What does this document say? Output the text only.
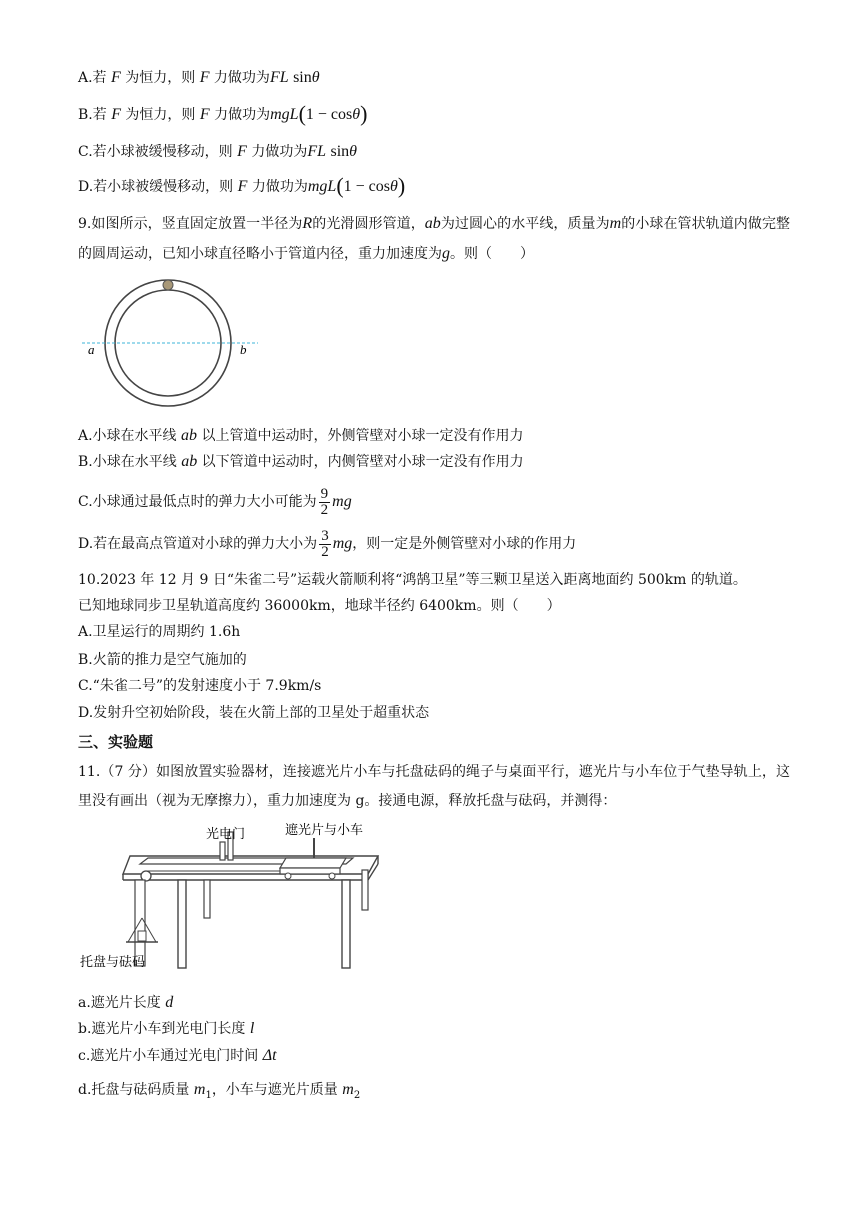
A.若 F 为恒力，则 F 力做功为FL sinθ
B.若 F 为恒力，则 F 力做功为mgL(1 − cosθ)
C.若小球被缓慢移动，则 F 力做功为FL sinθ
D.若小球被缓慢移动，则 F 力做功为mgL(1 − cosθ)
9.如图所示，竖直固定放置一半径为R的光滑圆形管道，ab为过圆心的水平线，质量为m的小球在管状轨道内做完整的圆周运动，已知小球直径略小于管道内径，重力加速度为g。则（　　）
a	b
A.小球在水平线 ab 以上管道中运动时，外侧管壁对小球一定没有作用力
B.小球在水平线 ab 以下管道中运动时，内侧管壁对小球一定没有作用力
C.小球通过最低点时的弹力大小可能为 $\frac{9}{2}$ mg
D.若在最高点管道对小球的弹力大小为 $\frac{3}{2}$ mg，则一定是外侧管壁对小球的作用力
10.2023 年 12 月 9 日“朱雀二号”运载火箭顺利将“鸿鹄卫星”等三颗卫星送入距离地面约 500km 的轨道。
已知地球同步卫星轨道高度约 36000km，地球半径约 6400km。则（　　）
A.卫星运行的周期约 1.6h
B.火箭的推力是空气施加的
C.“朱雀二号”的发射速度小于 7.9km/s
D.发射升空初始阶段，装在火箭上部的卫星处于超重状态
三、实验题
11.（7 分）如图放置实验器材，连接遮光片小车与托盘砝码的绳子与桌面平行，遮光片与小车位于气垫导轨上，这里没有画出（视为无摩擦力），重力加速度为 g。接通电源，释放托盘与砝码，并测得：
光电门	遮光片与小车
托盘与砝码
a.遮光片长度 d
b.遮光片小车到光电门长度 l
c.遮光片小车通过光电门时间 Δt
d.托盘与砝码质量 $m_1$，小车与遮光片质量 $m_2$
